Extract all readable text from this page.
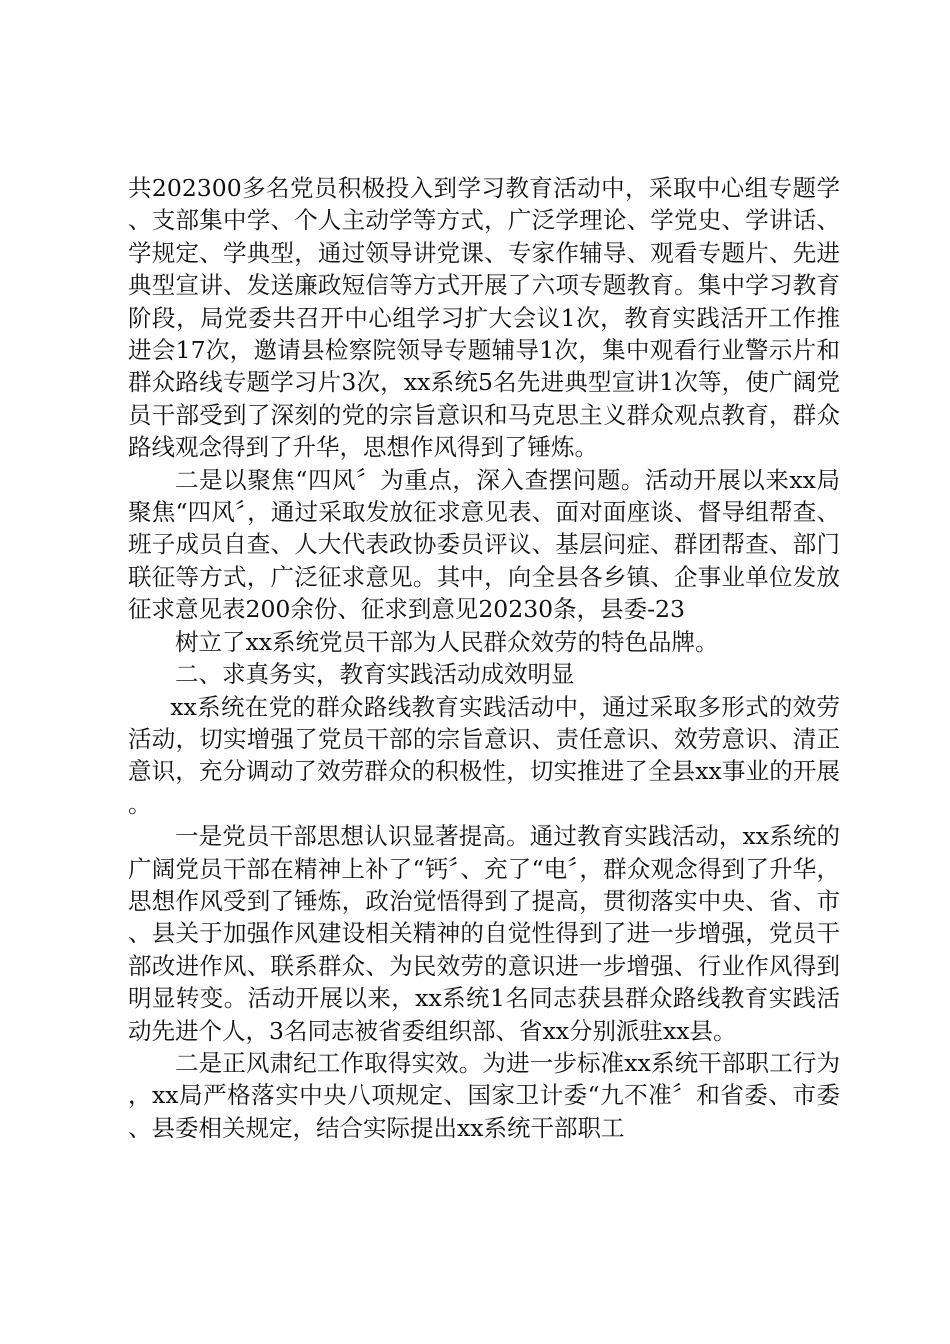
共202300多名党员积极投入到学习教育活动中，采取中心组专题学、支部集中学、个人主动学等方式，广泛学理论、学党史、学讲话、学规定、学典型，通过领导讲党课、专家作辅导、观看专题片、先进典型宣讲、发送廉政短信等方式开展了六项专题教育。集中学习教育阶段，局党委共召开中心组学习扩大会议1次，教育实践活开工作推进会17次，邀请县检察院领导专题辅导1次，集中观看行业警示片和群众路线专题学习片3次，xx系统5名先进典型宣讲1次等，使广阔党员干部受到了深刻的党的宗旨意识和马克思主义群众观点教育，群众路线观念得到了升华，思想作风得到了锤炼。

二是以聚焦“四风〞为重点，深入查摆问题。活动开展以来xx局聚焦“四风〞，通过采取发放征求意见表、面对面座谈、督导组帮查、班子成员自查、人大代表政协委员评议、基层问症、群团帮查、部门联征等方式，广泛征求意见。其中，向全县各乡镇、企事业单位发放征求意见表200余份、征求到意见20230条，县委-23

树立了xx系统党员干部为人民群众效劳的特色品牌。

二、求真务实，教育实践活动成效明显

xx系统在党的群众路线教育实践活动中，通过采取多形式的效劳活动，切实增强了党员干部的宗旨意识、责任意识、效劳意识、清正意识，充分调动了效劳群众的积极性，切实推进了全县xx事业的开展。

一是党员干部思想认识显著提高。通过教育实践活动，xx系统的广阔党员干部在精神上补了“钙〞、充了“电〞，群众观念得到了升华，思想作风受到了锤炼，政治觉悟得到了提高，贯彻落实中央、省、市、县关于加强作风建设相关精神的自觉性得到了进一步增强，党员干部改进作风、联系群众、为民效劳的意识进一步增强、行业作风得到明显转变。活动开展以来，xx系统1名同志获县群众路线教育实践活动先进个人，3名同志被省委组织部、省xx分别派驻xx县。

二是正风肃纪工作取得实效。为进一步标准xx系统干部职工行为，xx局严格落实中央八项规定、国家卫计委“九不准〞和省委、市委、县委相关规定，结合实际提出xx系统干部职工
